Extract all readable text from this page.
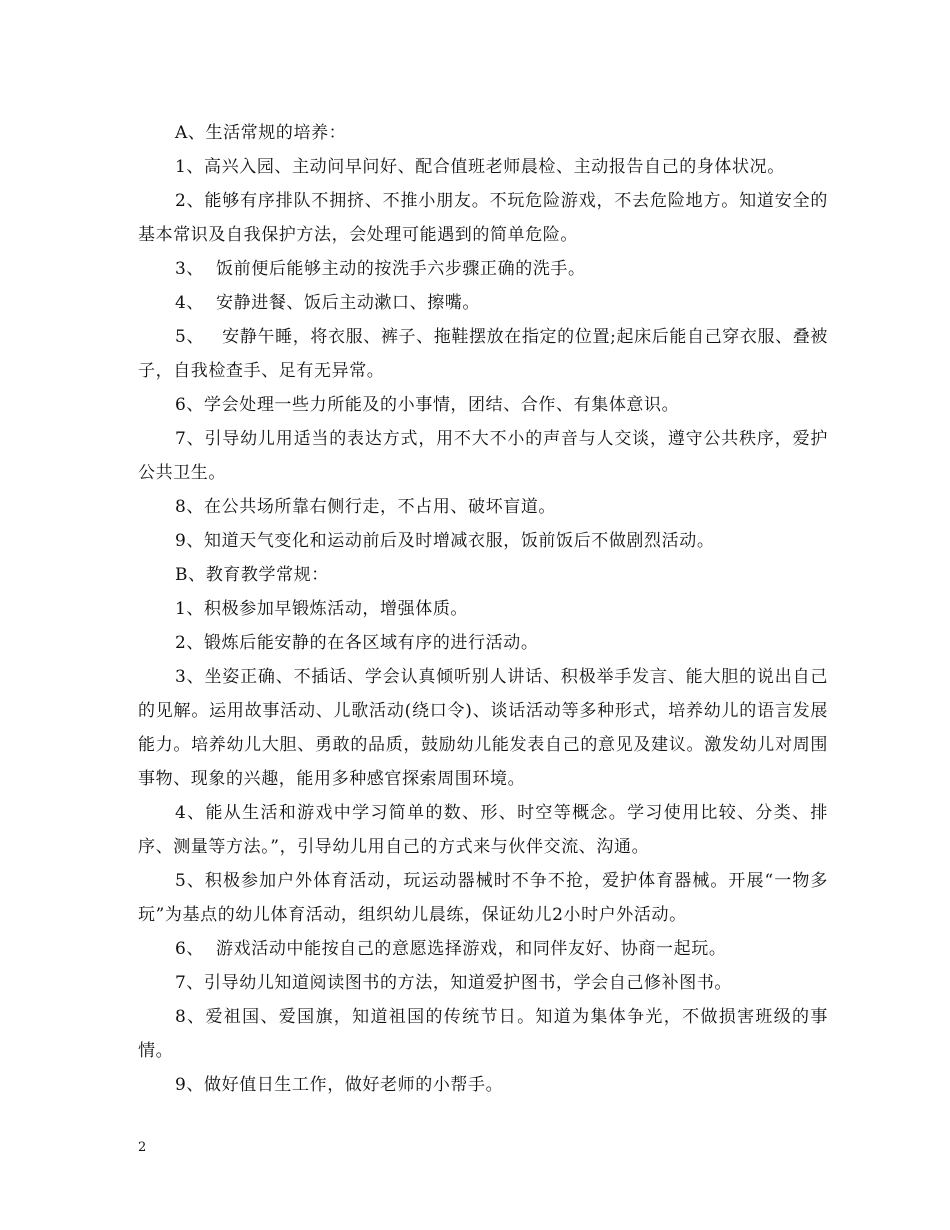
A、生活常规的培养：

1、高兴入园、主动问早问好、配合值班老师晨检、主动报告自己的身体状况。

2、能够有序排队不拥挤、不推小朋友。不玩危险游戏，不去危险地方。知道安全的基本常识及自我保护方法，会处理可能遇到的简单危险。

3、  饭前便后能够主动的按洗手六步骤正确的洗手。

4、  安静进餐、饭后主动漱口、擦嘴。

5、   安静午睡，将衣服、裤子、拖鞋摆放在指定的位置;起床后能自己穿衣服、叠被子，自我检查手、足有无异常。

6、学会处理一些力所能及的小事情，团结、合作、有集体意识。

7、引导幼儿用适当的表达方式，用不大不小的声音与人交谈，遵守公共秩序，爱护公共卫生。

8、在公共场所靠右侧行走，不占用、破坏盲道。

9、知道天气变化和运动前后及时增减衣服，饭前饭后不做剧烈活动。

B、教育教学常规：

1、积极参加早锻炼活动，增强体质。

2、锻炼后能安静的在各区域有序的进行活动。

3、坐姿正确、不插话、学会认真倾听别人讲话、积极举手发言、能大胆的说出自己的见解。运用故事活动、儿歌活动(绕口令)、谈话活动等多种形式，培养幼儿的语言发展能力。培养幼儿大胆、勇敢的品质，鼓励幼儿能发表自己的意见及建议。激发幼儿对周围事物、现象的兴趣，能用多种感官探索周围环境。

4、能从生活和游戏中学习简单的数、形、时空等概念。学习使用比较、分类、排序、测量等方法。”，引导幼儿用自己的方式来与伙伴交流、沟通。

5、积极参加户外体育活动，玩运动器械时不争不抢，爱护体育器械。开展“一物多玩”为基点的幼儿体育活动，组织幼儿晨练，保证幼儿2小时户外活动。

6、  游戏活动中能按自己的意愿选择游戏，和同伴友好、协商一起玩。

7、引导幼儿知道阅读图书的方法，知道爱护图书，学会自己修补图书。

8、爱祖国、爱国旗，知道祖国的传统节日。知道为集体争光，不做损害班级的事情。

9、做好值日生工作，做好老师的小帮手。

2
